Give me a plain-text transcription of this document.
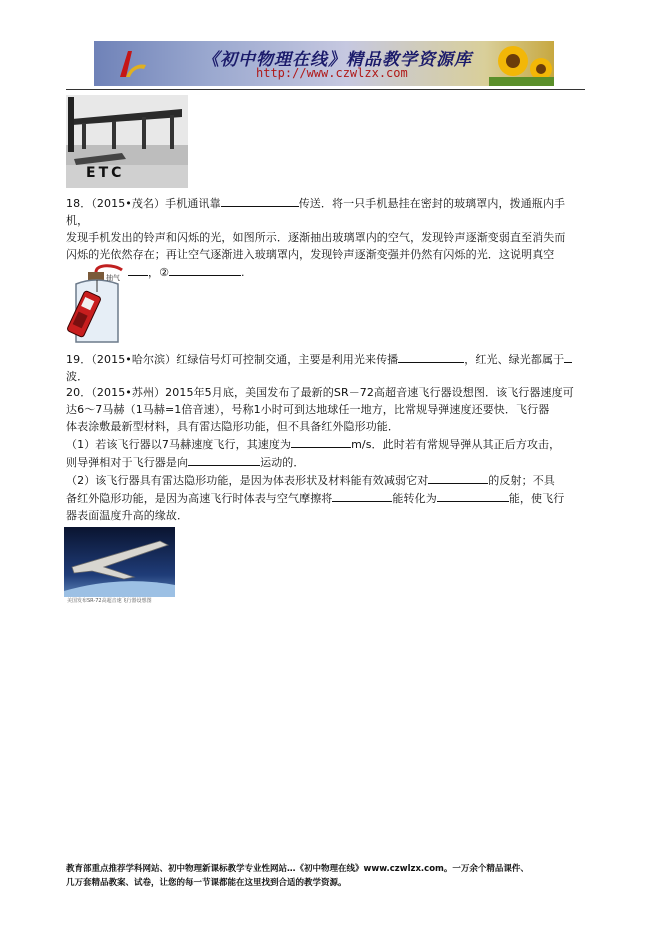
《初中物理在线》精品教学资源库
http://www.czwlzx.com
ETC
18．（2015•茂名）手机通讯靠	传送．将一只手机悬挂在密封的玻璃罩内，拨通瓶内手机，
发现手机发出的铃声和闪烁的光，如图所示．逐渐抽出玻璃罩内的空气，发现铃声逐渐变弱直至消失而
闪烁的光依然存在；再让空气逐渐进入玻璃罩内，发现铃声逐渐变强并仍然有闪烁的光．这说明真空
，②	.
抽气
19．（2015•哈尔滨）红绿信号灯可控制交通，主要是利用光来传播	，红光、绿光都属于
波．
20．（2015•苏州）2015年5月底，美国发布了最新的SR－72高超音速飞行器设想图．该飞行器速度可
达6～7马赫（1马赫=1倍音速），号称1小时可到达地球任一地方，比常规导弹速度还要快．飞行器
体表涂敷最新型材料，具有雷达隐形功能，但不具备红外隐形功能．
（1）若该飞行器以7马赫速度飞行，其速度为	m/s．此时若有常规导弹从其正后方攻击，
则导弹相对于飞行器是向	运动的．
（2）该飞行器具有雷达隐形功能，是因为体表形状及材料能有效减弱它对	的反射；不具
备红外隐形功能，是因为高速飞行时体表与空气摩擦将	能转化为	能，使飞行
器表面温度升高的缘故．
美国发布SR-72高超音速飞行器设想图
教育部重点推荐学科网站、初中物理新课标教学专业性网站…《初中物理在线》www.czwlzx.com。一万余个精品课件、
几万套精品教案、试卷，让您的每一节课都能在这里找到合适的教学资源。
